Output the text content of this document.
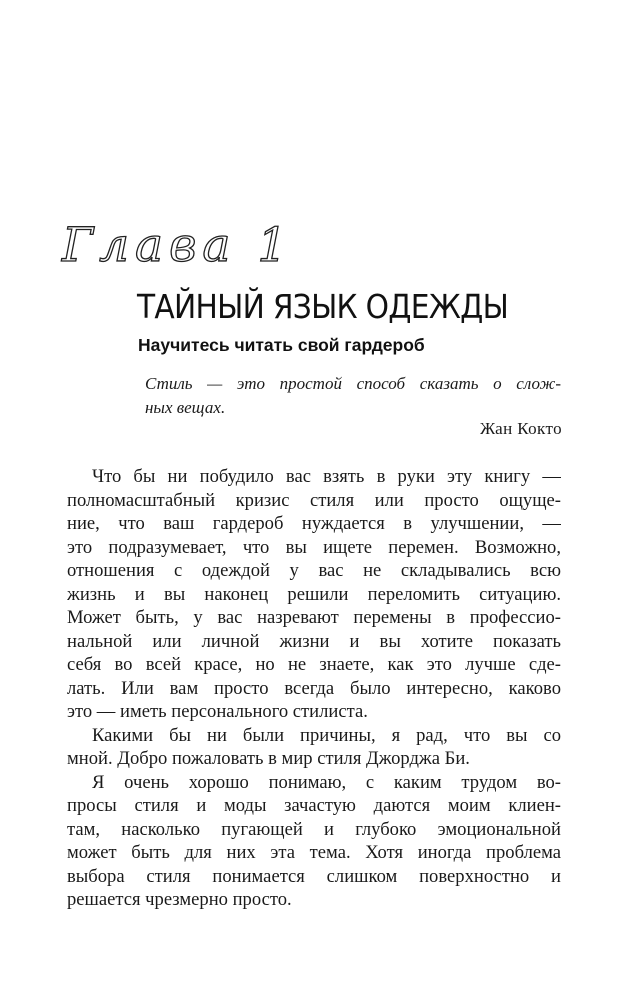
Глава 1
ТАЙНЫЙ ЯЗЫК ОДЕЖДЫ
Научитесь читать свой гардероб
Стиль — это простой способ сказать о слож-
ных вещах.
Жан Кокто
Что бы ни побудило вас взять в руки эту книгу —
полномасштабный кризис стиля или просто ощуще-
ние, что ваш гардероб нуждается в улучшении, —
это подразумевает, что вы ищете перемен. Возможно,
отношения с одеждой у вас не складывались всю
жизнь и вы наконец решили переломить ситуацию.
Может быть, у вас назревают перемены в профессио-
нальной или личной жизни и вы хотите показать
себя во всей красе, но не знаете, как это лучше сде-
лать. Или вам просто всегда было интересно, каково
это — иметь персонального стилиста.
Какими бы ни были причины, я рад, что вы со
мной. Добро пожаловать в мир стиля Джорджа Би.
Я очень хорошо понимаю, с каким трудом во-
просы стиля и моды зачастую даются моим клиен-
там, насколько пугающей и глубоко эмоциональной
может быть для них эта тема. Хотя иногда проблема
выбора стиля понимается слишком поверхностно и
решается чрезмерно просто.
